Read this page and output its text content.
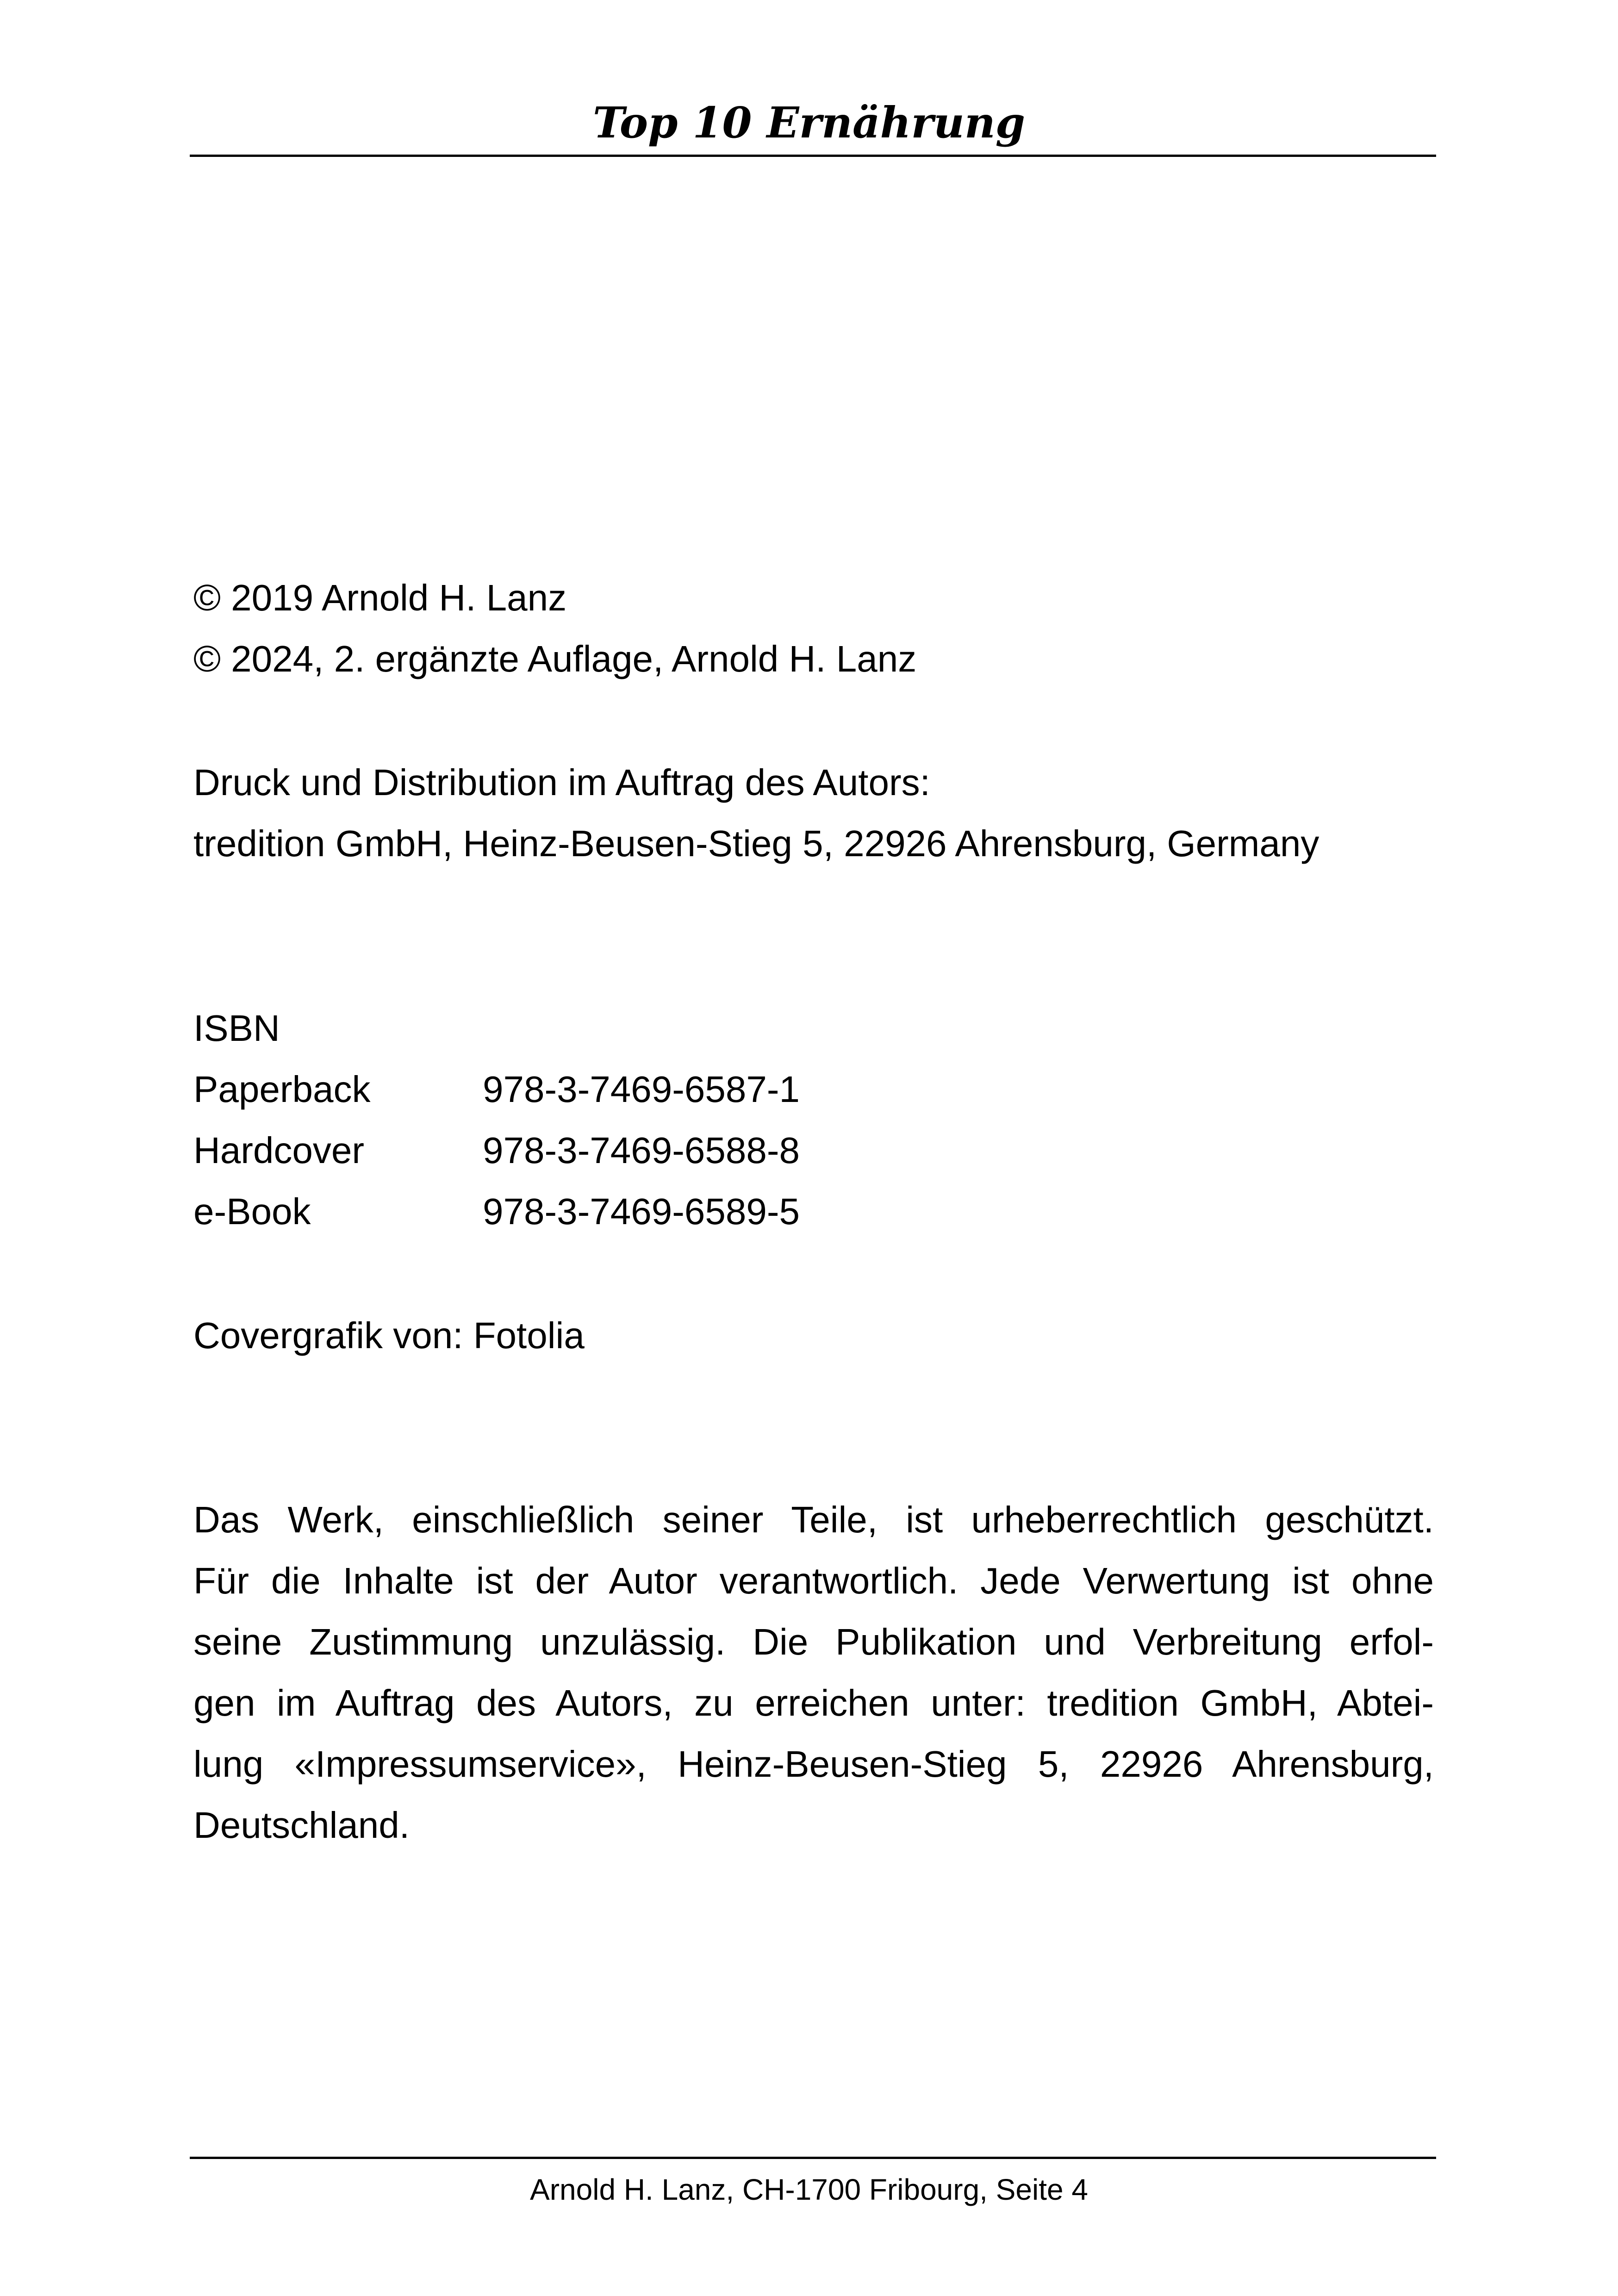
Top 10 Ernährung
© 2019 Arnold H. Lanz
© 2024, 2. ergänzte Auflage, Arnold H. Lanz
Druck und Distribution im Auftrag des Autors:
tredition GmbH, Heinz-Beusen-Stieg 5, 22926 Ahrensburg, Germany
ISBN
Paperback	978-3-7469-6587-1
Hardcover	978-3-7469-6588-8
e-Book	978-3-7469-6589-5
Covergrafik von: Fotolia
Das Werk, einschließlich seiner Teile, ist urheberrechtlich geschützt.
Für die Inhalte ist der Autor verantwortlich. Jede Verwertung ist ohne
seine Zustimmung unzulässig. Die Publikation und Verbreitung erfol-
gen im Auftrag des Autors, zu erreichen unter: tredition GmbH, Abtei-
lung «Impressumservice», Heinz-Beusen-Stieg 5, 22926 Ahrensburg,
Deutschland.
Arnold H. Lanz, CH-1700 Fribourg, Seite 4
